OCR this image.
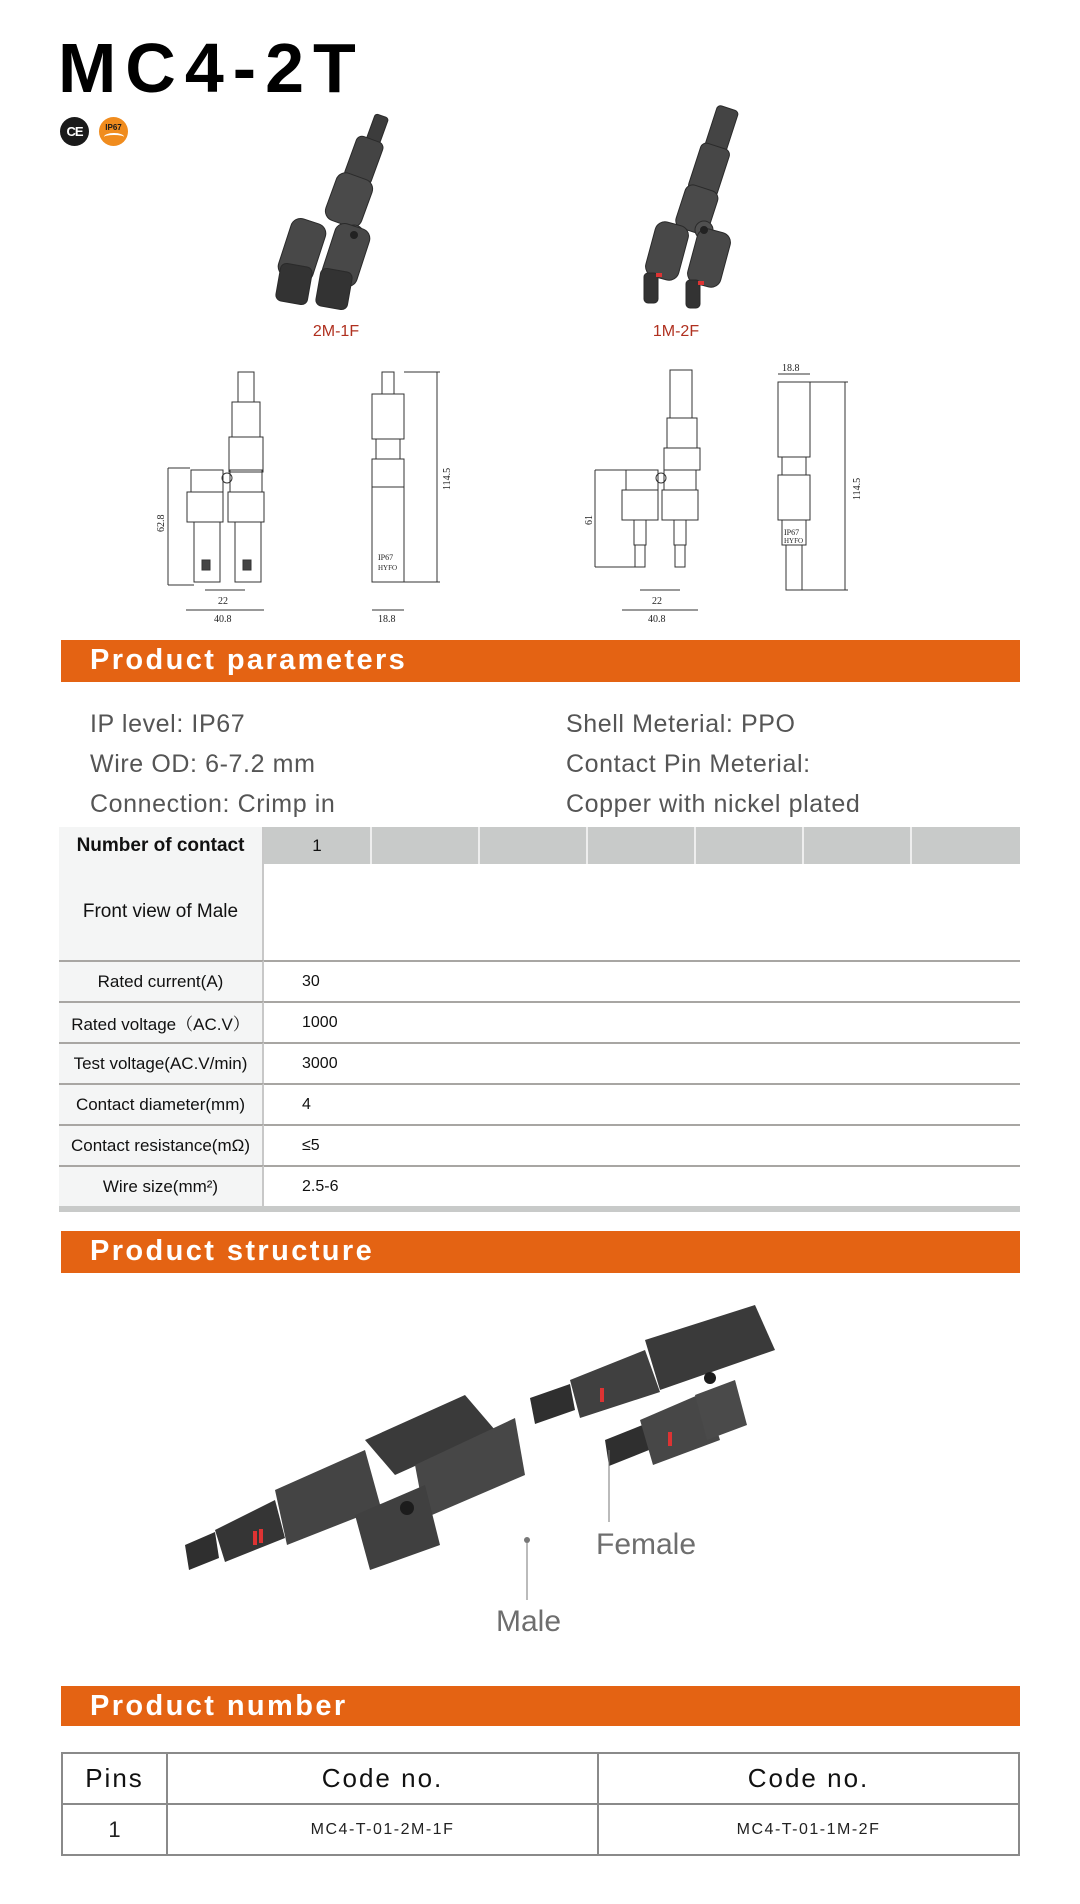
MC4-2T
CE	IP67
2M-1F	1M-2F
62.8
22
40.8
114.5
18.8
IP67
HYFO
61
22
40.8
114.5
18.8
IP67
HYFO
Product parameters
IP level: IP67
Wire OD: 6-7.2 mm
Connection: Crimp in
Shell Meterial: PPO
Contact Pin Meterial:
Copper with nickel plated
Number of contact	1						
Front view of Male							
Rated current(A)	30						
Rated voltage（AC.V）	1000						
Test voltage(AC.V/min)	3000						
Contact diameter(mm)	4						
Contact resistance(mΩ)	≤5						
Wire size(mm²)	2.5-6						

Product structure
Female
Male
Product number
Pins	Code no.	Code no.
1	MC4-T-01-2M-1F	MC4-T-01-1M-2F
